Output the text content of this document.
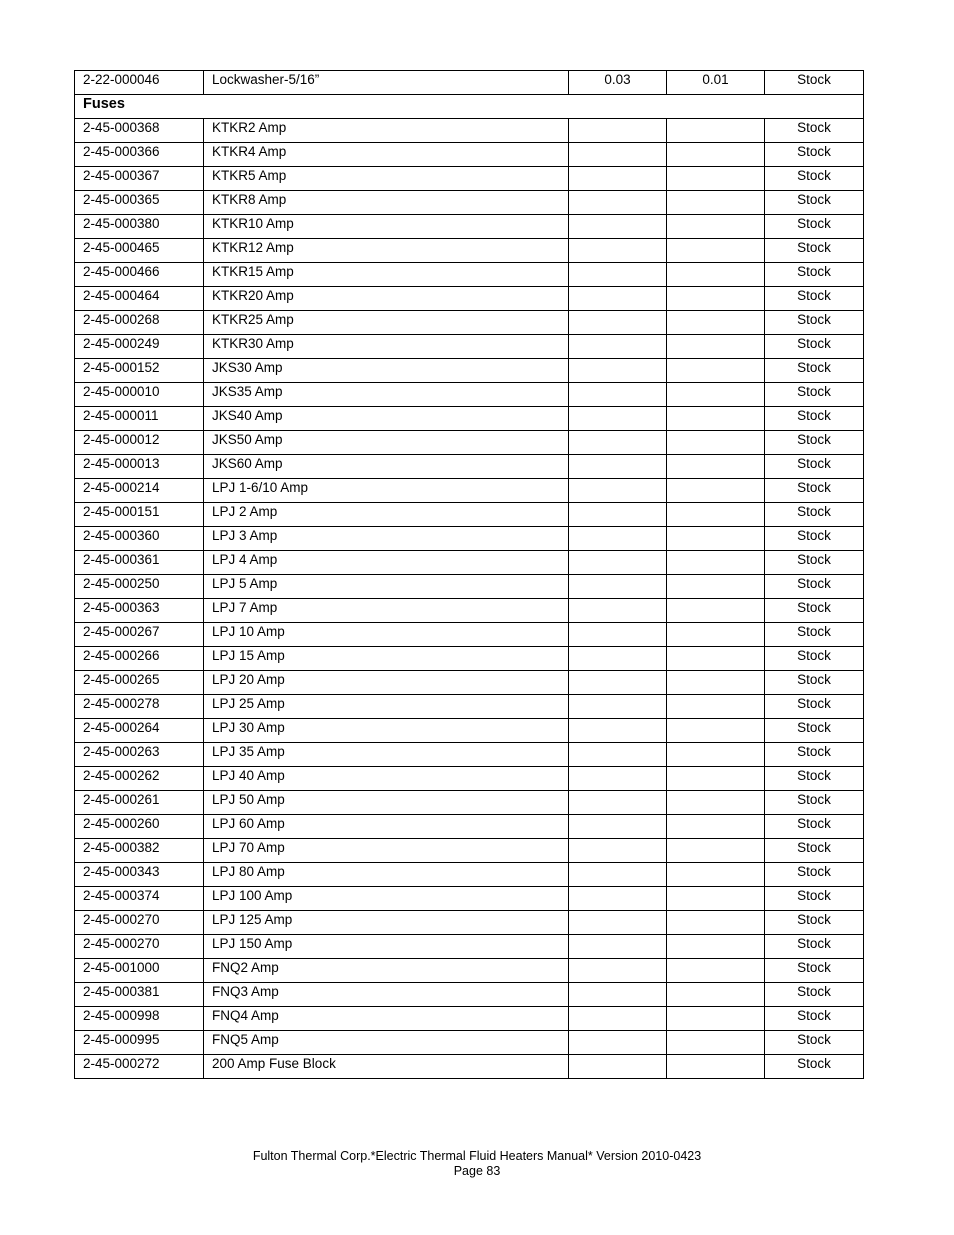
2-22-000046	Lockwasher-5/16”	0.03	0.01	Stock
Fuses				
2-45-000368	KTKR2 Amp			Stock
2-45-000366	KTKR4 Amp			Stock
2-45-000367	KTKR5 Amp			Stock
2-45-000365	KTKR8 Amp			Stock
2-45-000380	KTKR10 Amp			Stock
2-45-000465	KTKR12 Amp			Stock
2-45-000466	KTKR15 Amp			Stock
2-45-000464	KTKR20 Amp			Stock
2-45-000268	KTKR25 Amp			Stock
2-45-000249	KTKR30 Amp			Stock
2-45-000152	JKS30 Amp			Stock
2-45-000010	JKS35 Amp			Stock
2-45-000011	JKS40 Amp			Stock
2-45-000012	JKS50 Amp			Stock
2-45-000013	JKS60 Amp			Stock
2-45-000214	LPJ 1-6/10 Amp			Stock
2-45-000151	LPJ 2 Amp			Stock
2-45-000360	LPJ 3 Amp			Stock
2-45-000361	LPJ 4 Amp			Stock
2-45-000250	LPJ 5 Amp			Stock
2-45-000363	LPJ 7 Amp			Stock
2-45-000267	LPJ 10 Amp			Stock
2-45-000266	LPJ 15 Amp			Stock
2-45-000265	LPJ 20 Amp			Stock
2-45-000278	LPJ 25 Amp			Stock
2-45-000264	LPJ 30 Amp			Stock
2-45-000263	LPJ 35 Amp			Stock
2-45-000262	LPJ 40 Amp			Stock
2-45-000261	LPJ 50 Amp			Stock
2-45-000260	LPJ 60 Amp			Stock
2-45-000382	LPJ 70 Amp			Stock
2-45-000343	LPJ 80 Amp			Stock
2-45-000374	LPJ 100 Amp			Stock
2-45-000270	LPJ 125 Amp			Stock
2-45-000270	LPJ 150 Amp			Stock
2-45-001000	FNQ2 Amp			Stock
2-45-000381	FNQ3 Amp			Stock
2-45-000998	FNQ4 Amp			Stock
2-45-000995	FNQ5 Amp			Stock
2-45-000272	200 Amp Fuse Block			Stock
Fulton Thermal Corp.*Electric Thermal Fluid Heaters Manual* Version 2010-0423
Page 83
